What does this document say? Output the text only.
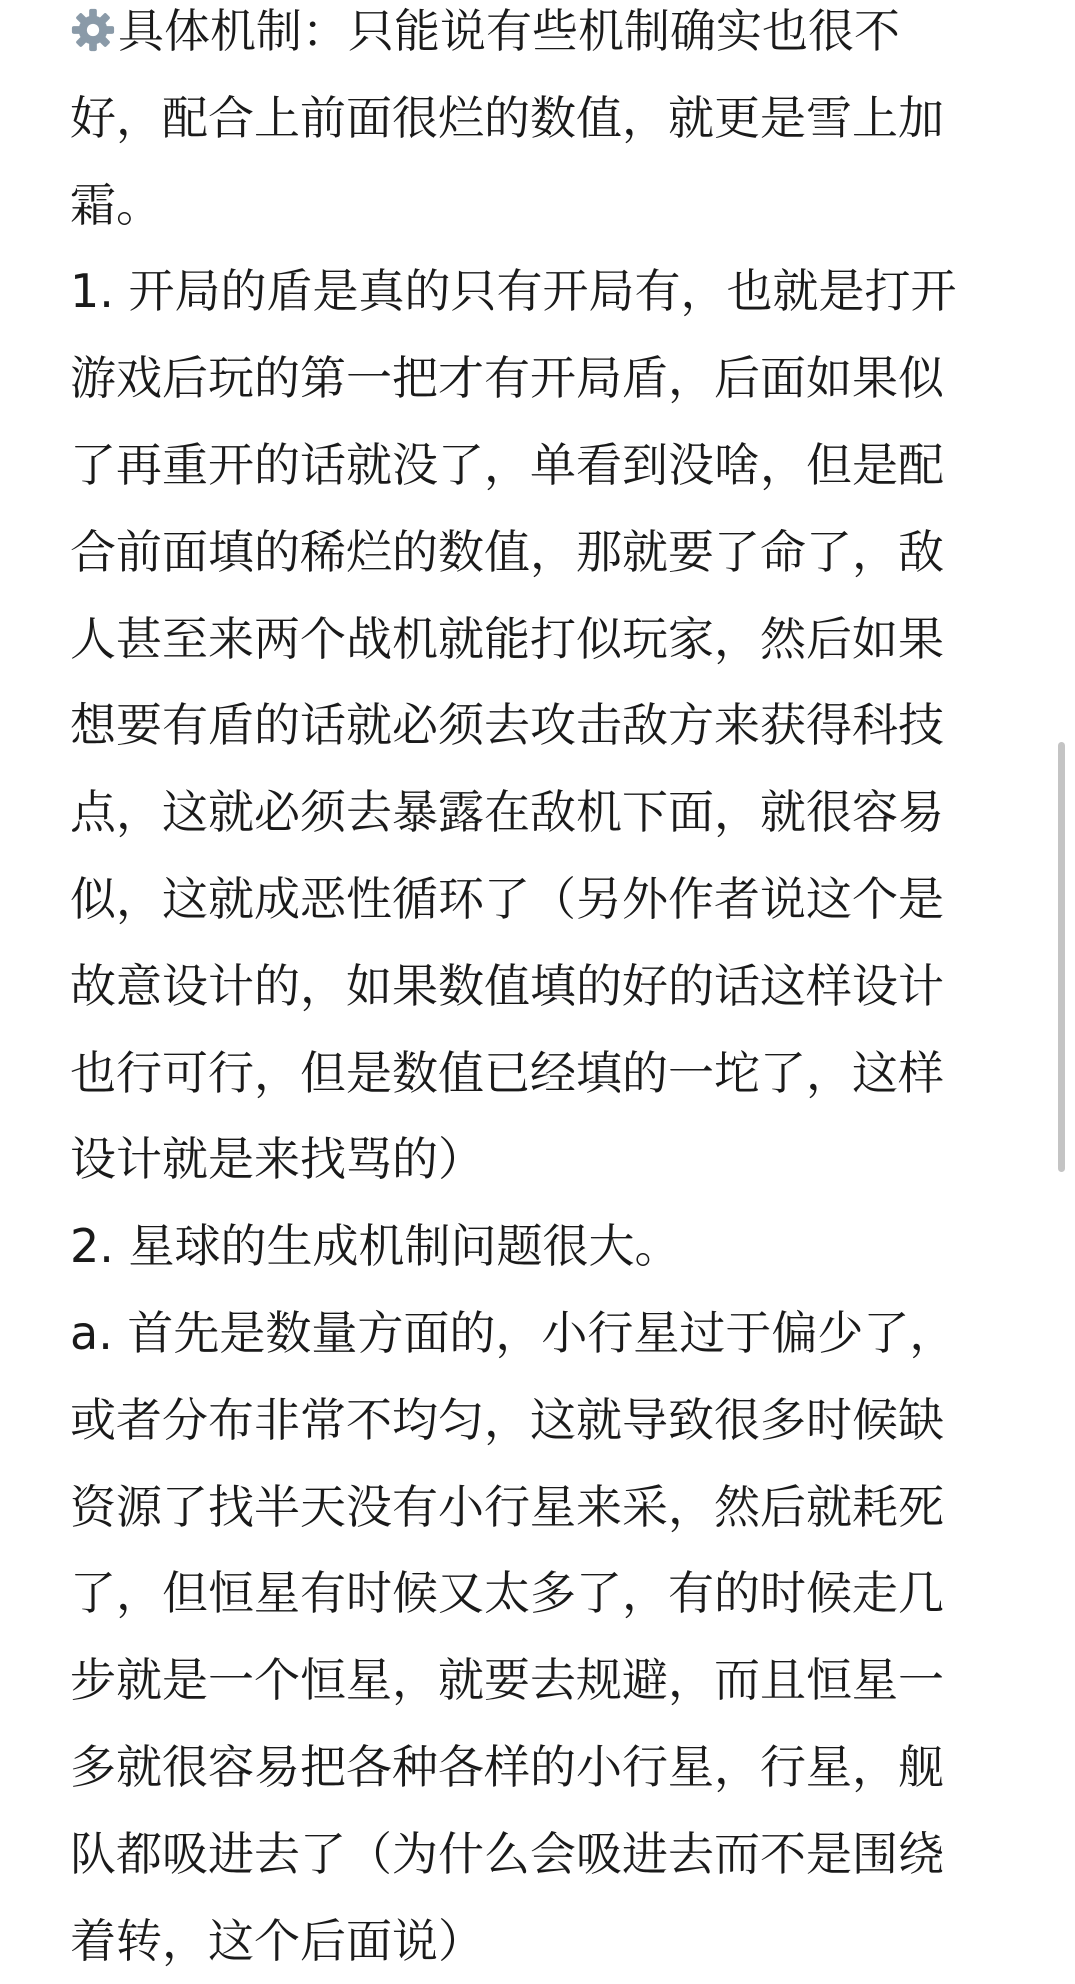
具体机制：只能说有些机制确实也很不
好，配合上前面很烂的数值，就更是雪上加
霜。
1. 开局的盾是真的只有开局有，也就是打开
游戏后玩的第一把才有开局盾，后面如果似
了再重开的话就没了，单看到没啥，但是配
合前面填的稀烂的数值，那就要了命了，敌
人甚至来两个战机就能打似玩家，然后如果
想要有盾的话就必须去攻击敌方来获得科技
点，这就必须去暴露在敌机下面，就很容易
似，这就成恶性循环了（另外作者说这个是
故意设计的，如果数值填的好的话这样设计
也行可行，但是数值已经填的一坨了，这样
设计就是来找骂的）
2. 星球的生成机制问题很大。
a. 首先是数量方面的，小行星过于偏少了，
或者分布非常不均匀，这就导致很多时候缺
资源了找半天没有小行星来采，然后就耗死
了，但恒星有时候又太多了，有的时候走几
步就是一个恒星，就要去规避，而且恒星一
多就很容易把各种各样的小行星，行星，舰
队都吸进去了（为什么会吸进去而不是围绕
着转，这个后面说）
